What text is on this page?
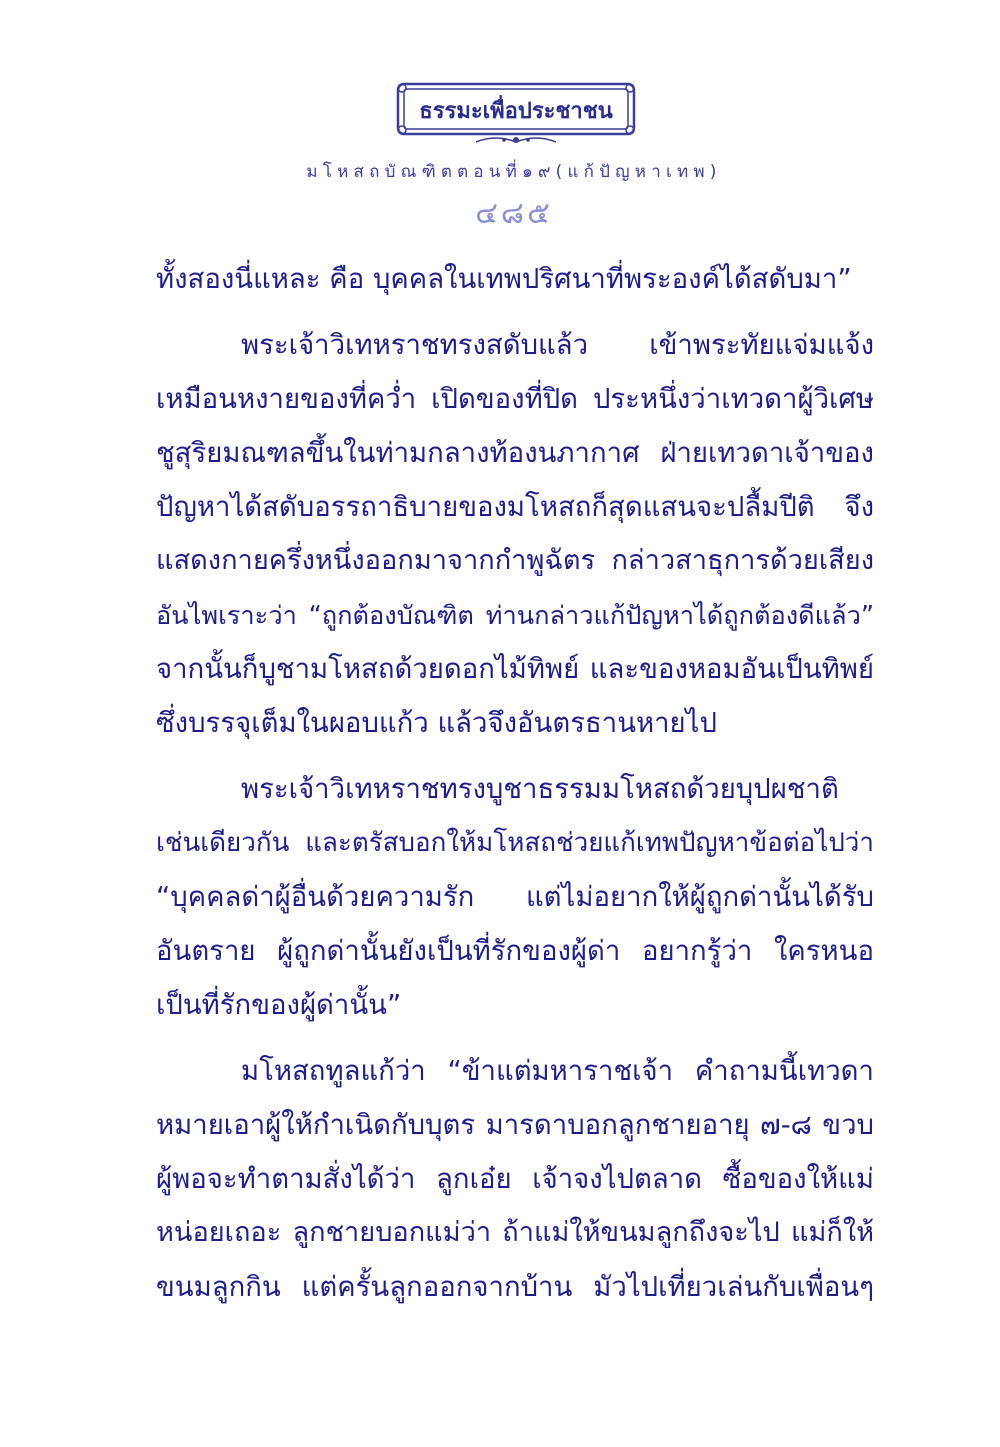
ธรรมะเพื่อประชาชน
มโหสถบัณฑิตตอนที่๑๙(แก้ปัญหาเทพ)
๔๘๕
ทั้งสองนี่แหละ คือ บุคคลในเทพปริศนาที่พระองค์ได้สดับมา”
พระเจ้าวิเทหราชทรงสดับแล้ว เข้าพระทัยแจ่มแจ้ง
เหมือนหงายของที่คว่ำ เปิดของที่ปิด ประหนึ่งว่าเทวดาผู้วิเศษ
ชูสุริยมณฑลขึ้นในท่ามกลางท้องนภากาศ ฝ่ายเทวดาเจ้าของ
ปัญหาได้สดับอรรถาธิบายของมโหสถก็สุดแสนจะปลื้มปีติ จึง
แสดงกายครึ่งหนึ่งออกมาจากกำพูฉัตร กล่าวสาธุการด้วยเสียง
อันไพเราะว่า “ถูกต้องบัณฑิต ท่านกล่าวแก้ปัญหาได้ถูกต้องดีแล้ว”
จากนั้นก็บูชามโหสถด้วยดอกไม้ทิพย์ และของหอมอันเป็นทิพย์
ซึ่งบรรจุเต็มในผอบแก้ว แล้วจึงอันตรธานหายไป
พระเจ้าวิเทหราชทรงบูชาธรรมมโหสถด้วยบุปผชาติ
เช่นเดียวกัน และตรัสบอกให้มโหสถช่วยแก้เทพปัญหาข้อต่อไปว่า
“บุคคลด่าผู้อื่นด้วยความรัก แต่ไม่อยากให้ผู้ถูกด่านั้นได้รับ
อันตราย ผู้ถูกด่านั้นยังเป็นที่รักของผู้ด่า อยากรู้ว่า ใครหนอ
เป็นที่รักของผู้ด่านั้น”
มโหสถทูลแก้ว่า “ข้าแต่มหาราชเจ้า คำถามนี้เทวดา
หมายเอาผู้ให้กำเนิดกับบุตร มารดาบอกลูกชายอายุ ๗-๘ ขวบ
ผู้พอจะทำตามสั่งได้ว่า ลูกเอ๋ย เจ้าจงไปตลาด ซื้อของให้แม่
หน่อยเถอะ ลูกชายบอกแม่ว่า ถ้าแม่ให้ขนมลูกถึงจะไป แม่ก็ให้
ขนมลูกกิน แต่ครั้นลูกออกจากบ้าน มัวไปเที่ยวเล่นกับเพื่อนๆ
